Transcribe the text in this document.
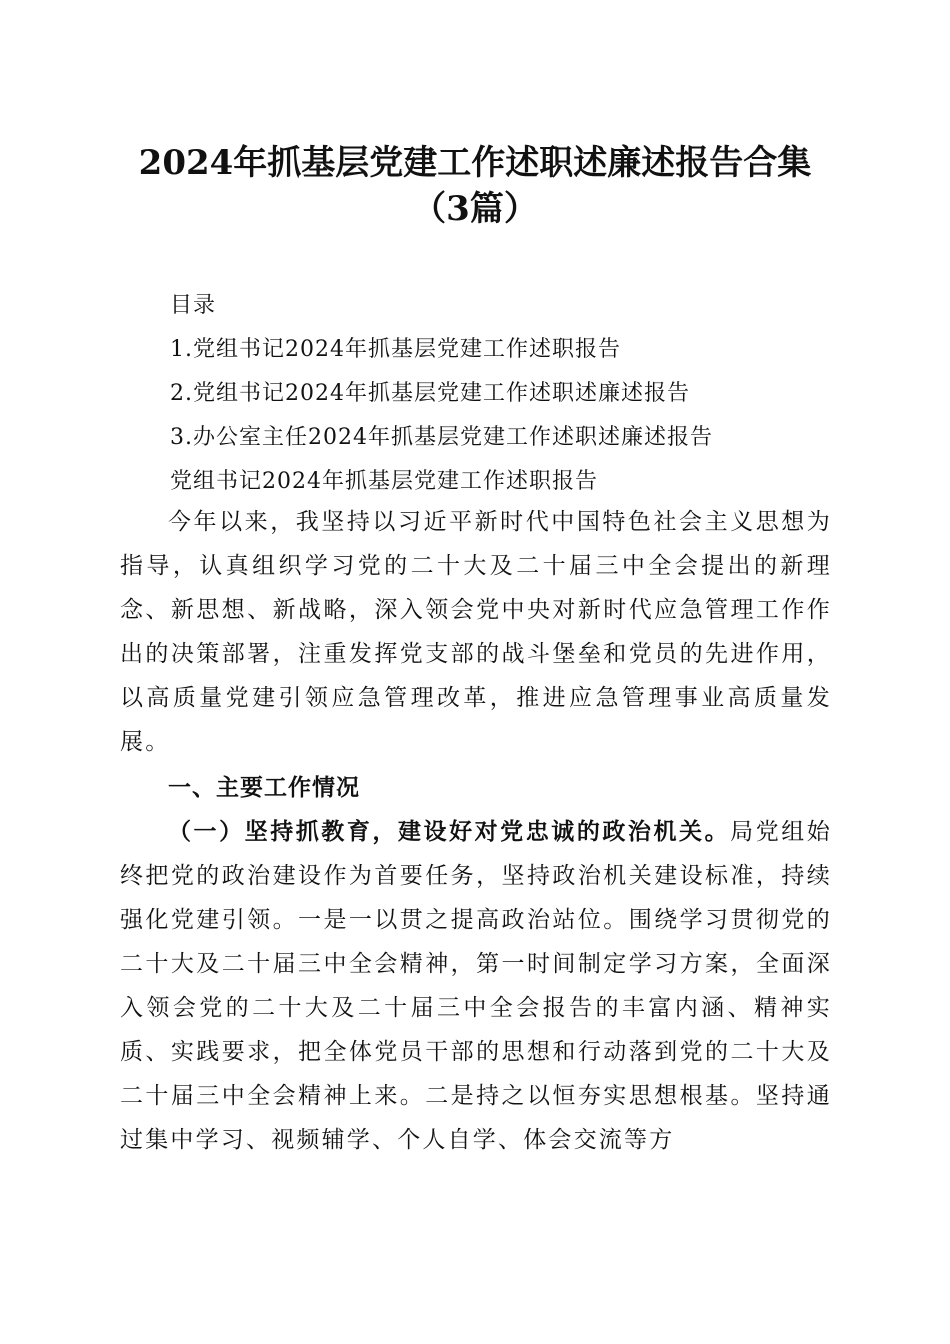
2024年抓基层党建工作述职述廉述报告合集
（3篇）
目录
1.党组书记2024年抓基层党建工作述职报告
2.党组书记2024年抓基层党建工作述职述廉述报告
3.办公室主任2024年抓基层党建工作述职述廉述报告
党组书记2024年抓基层党建工作述职报告

今年以来，我坚持以习近平新时代中国特色社会主义思想为指导，认真组织学习党的二十大及二十届三中全会提出的新理念、新思想、新战略，深入领会党中央对新时代应急管理工作作出的决策部署，注重发挥党支部的战斗堡垒和党员的先进作用，以高质量党建引领应急管理改革，推进应急管理事业高质量发展。

一、主要工作情况

（一）坚持抓教育，建设好对党忠诚的政治机关。局党组始终把党的政治建设作为首要任务，坚持政治机关建设标准，持续强化党建引领。一是一以贯之提高政治站位。围绕学习贯彻党的二十大及二十届三中全会精神，第一时间制定学习方案，全面深入领会党的二十大及二十届三中全会报告的丰富内涵、精神实质、实践要求，把全体党员干部的思想和行动落到党的二十大及二十届三中全会精神上来。二是持之以恒夯实思想根基。坚持通过集中学习、视频辅学、个人自学、体会交流等方
